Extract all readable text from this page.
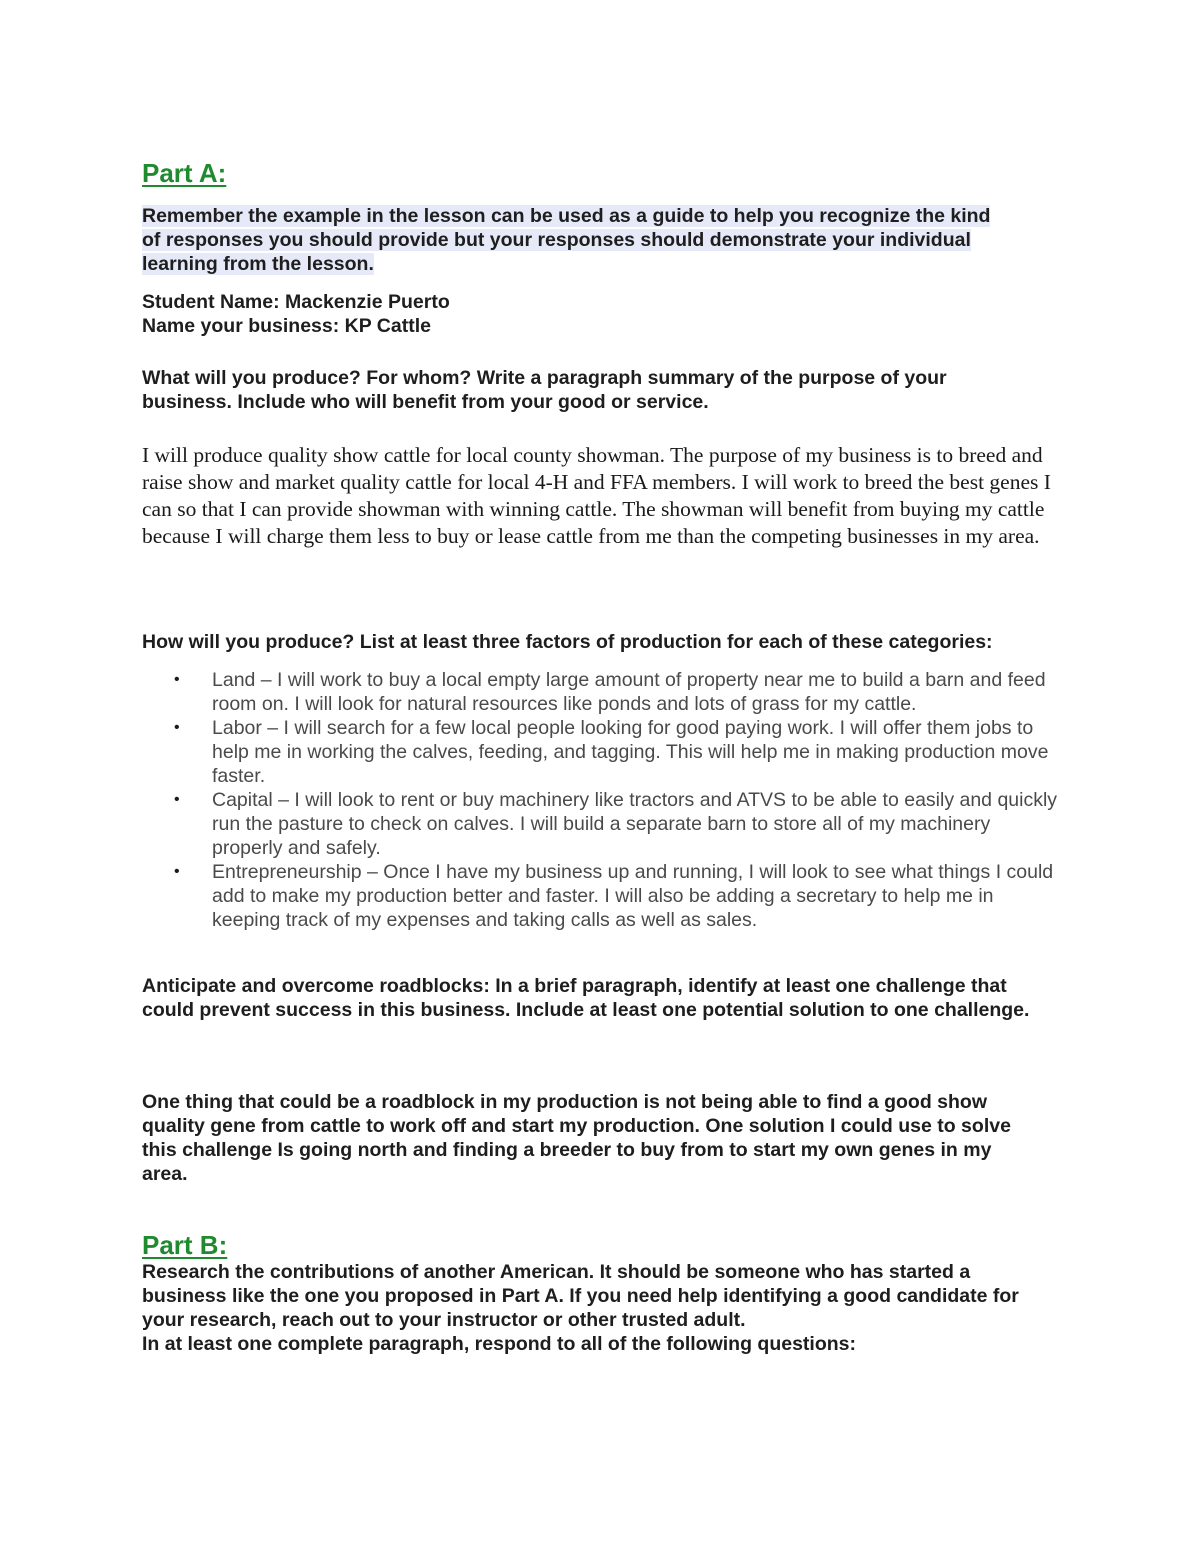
Part A:
Remember the example in the lesson can be used as a guide to help you recognize the kind
of responses you should provide but your responses should demonstrate your individual
learning from the lesson.

Student Name: Mackenzie Puerto

Name your business: KP Cattle

What will you produce? For whom? Write a paragraph summary of the purpose of your business. Include who will benefit from your good or service.

I will produce quality show cattle for local county showman. The purpose of my business is to breed and raise show and market quality cattle for local 4-H and FFA members. I will work to breed the best genes I can so that I can provide showman with winning cattle. The showman will benefit from buying my cattle because I will charge them less to buy or lease cattle from me than the competing businesses in my area.

How will you produce? List at least three factors of production for each of these categories:

• Land – I will work to buy a local empty large amount of property near me to build a barn and feed room on. I will look for natural resources like ponds and lots of grass for my cattle.
• Labor – I will search for a few local people looking for good paying work. I will offer them jobs to help me in working the calves, feeding, and tagging. This will help me in making production move faster.
• Capital – I will look to rent or buy machinery like tractors and ATVS to be able to easily and quickly run the pasture to check on calves. I will build a separate barn to store all of my machinery properly and safely.
• Entrepreneurship – Once I have my business up and running, I will look to see what things I could add to make my production better and faster. I will also be adding a secretary to help me in keeping track of my expenses and taking calls as well as sales.

Anticipate and overcome roadblocks: In a brief paragraph, identify at least one challenge that could prevent success in this business. Include at least one potential solution to one challenge.

One thing that could be a roadblock in my production is not being able to find a good show quality gene from cattle to work off and start my production. One solution I could use to solve this challenge Is going north and finding a breeder to buy from to start my own genes in my area.

Part B:

Research the contributions of another American. It should be someone who has started a business like the one you proposed in Part A. If you need help identifying a good candidate for your research, reach out to your instructor or other trusted adult.

In at least one complete paragraph, respond to all of the following questions:
